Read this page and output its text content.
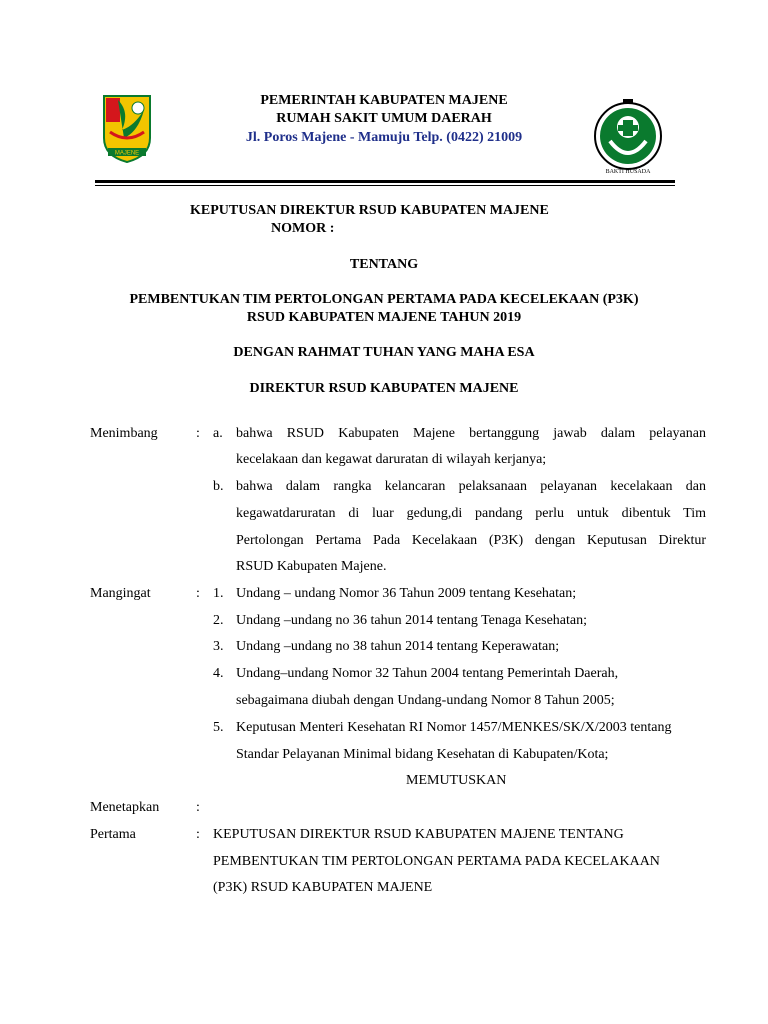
MAJENE
PEMERINTAH KABUPATEN MAJENE
RUMAH SAKIT UMUM DAERAH
Jl. Poros Majene - Mamuju Telp. (0422) 21009
BAKTI HUSADA
KEPUTUSAN DIREKTUR RSUD KABUPATEN MAJENE
NOMOR :
TENTANG
PEMBENTUKAN TIM PERTOLONGAN PERTAMA PADA KECELEKAAN (P3K)
RSUD KABUPATEN MAJENE TAHUN 2019
DENGAN RAHMAT TUHAN YANG MAHA ESA
DIREKTUR RSUD KABUPATEN MAJENE
Menimbang	: a. bahwa RSUD Kabupaten Majene bertanggung jawab dalam pelayanan
kecelakaan dan kegawat daruratan di wilayah kerjanya;
b. bahwa dalam rangka kelancaran pelaksanaan pelayanan kecelakaan dan
kegawatdaruratan di luar gedung,di pandang perlu untuk dibentuk Tim
Pertolongan Pertama Pada Kecelakaan (P3K) dengan Keputusan Direktur
RSUD Kabupaten Majene.
Mangingat	: 1. Undang – undang Nomor 36 Tahun 2009 tentang Kesehatan;
2. Undang –undang no 36 tahun 2014 tentang Tenaga Kesehatan;
3. Undang –undang no 38 tahun 2014 tentang Keperawatan;
4. Undang–undang Nomor 32 Tahun 2004 tentang Pemerintah Daerah,
sebagaimana diubah dengan Undang-undang Nomor 8 Tahun 2005;
5. Keputusan Menteri Kesehatan RI Nomor 1457/MENKES/SK/X/2003 tentang
Standar Pelayanan Minimal bidang Kesehatan di Kabupaten/Kota;
MEMUTUSKAN
Menetapkan	:
Pertama	: KEPUTUSAN DIREKTUR RSUD KABUPATEN MAJENE TENTANG
PEMBENTUKAN TIM PERTOLONGAN PERTAMA PADA KECELAKAAN
(P3K) RSUD KABUPATEN MAJENE
